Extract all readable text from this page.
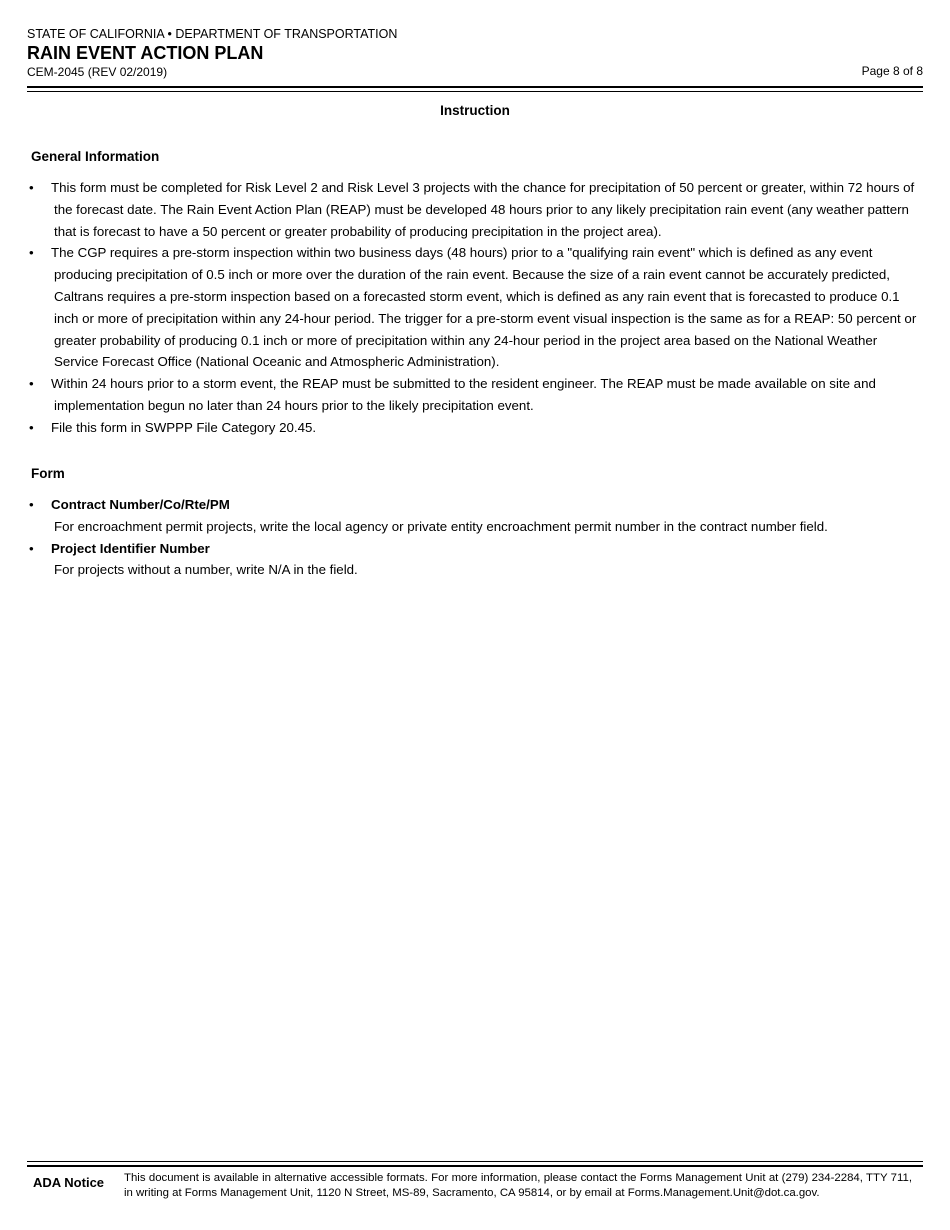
STATE OF CALIFORNIA • DEPARTMENT OF TRANSPORTATION
RAIN EVENT ACTION PLAN
CEM-2045 (REV 02/2019)	Page 8 of 8
Instruction
General Information
• This form must be completed for Risk Level 2 and Risk Level 3 projects with the chance for precipitation of 50 percent or greater, within 72 hours of the forecast date. The Rain Event Action Plan (REAP) must be developed 48 hours prior to any likely precipitation rain event (any weather pattern that is forecast to have a 50 percent or greater probability of producing precipitation in the project area).
• The CGP requires a pre-storm inspection within two business days (48 hours) prior to a "qualifying rain event" which is defined as any event producing precipitation of 0.5 inch or more over the duration of the rain event. Because the size of a rain event cannot be accurately predicted, Caltrans requires a pre-storm inspection based on a forecasted storm event, which is defined as any rain event that is forecasted to produce 0.1 inch or more of precipitation within any 24-hour period. The trigger for a pre-storm event visual inspection is the same as for a REAP: 50 percent or greater probability of producing 0.1 inch or more of precipitation within any 24-hour period in the project area based on the National Weather Service Forecast Office (National Oceanic and Atmospheric Administration).
• Within 24 hours prior to a storm event, the REAP must be submitted to the resident engineer. The REAP must be made available on site and implementation begun no later than 24 hours prior to the likely precipitation event.
• File this form in SWPPP File Category 20.45.
Form
• Contract Number/Co/Rte/PM
For encroachment permit projects, write the local agency or private entity encroachment permit number in the contract number field.
• Project Identifier Number
For projects without a number, write N/A in the field.
ADA Notice This document is available in alternative accessible formats. For more information, please contact the Forms Management Unit at (279) 234-2284, TTY 711, in writing at Forms Management Unit, 1120 N Street, MS-89, Sacramento, CA 95814, or by email at Forms.Management.Unit@dot.ca.gov.
